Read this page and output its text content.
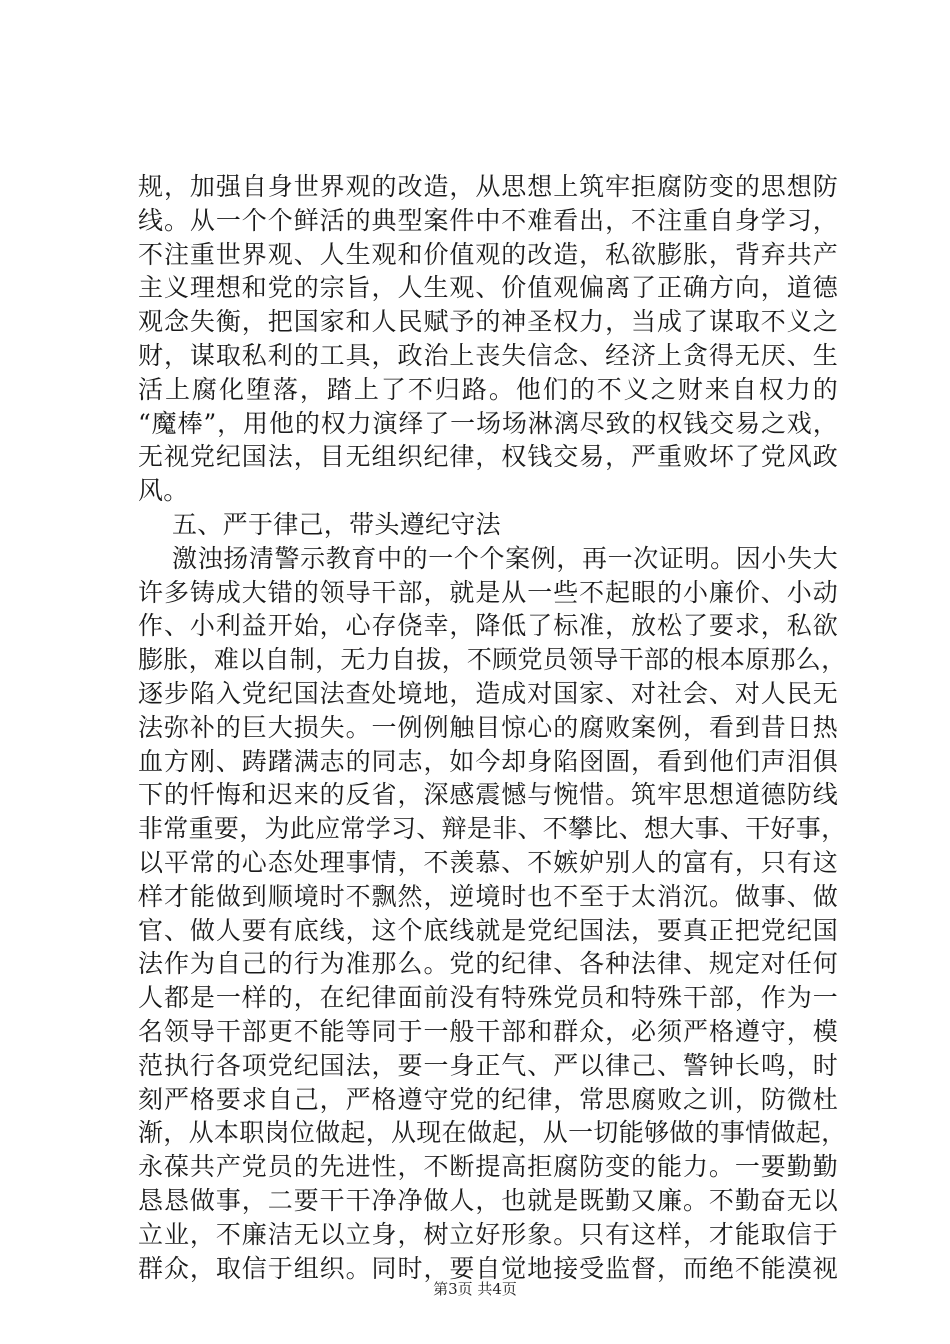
规，加强自身世界观的改造，从思想上筑牢拒腐防变的思想防
线。从一个个鲜活的典型案件中不难看出，不注重自身学习，
不注重世界观、人生观和价值观的改造，私欲膨胀，背弃共产
主义理想和党的宗旨，人生观、价值观偏离了正确方向，道德
观念失衡，把国家和人民赋予的神圣权力，当成了谋取不义之
财，谋取私利的工具，政治上丧失信念、经济上贪得无厌、生
活上腐化堕落，踏上了不归路。他们的不义之财来自权力的
“魔棒”，用他的权力演绎了一场场淋漓尽致的权钱交易之戏，
无视党纪国法，目无组织纪律，权钱交易，严重败坏了党风政
风。
五、严于律己，带头遵纪守法
激浊扬清警示教育中的一个个案例，再一次证明。因小失大
许多铸成大错的领导干部，就是从一些不起眼的小廉价、小动
作、小利益开始，心存侥幸，降低了标准，放松了要求，私欲
膨胀，难以自制，无力自拔，不顾党员领导干部的根本原那么，
逐步陷入党纪国法查处境地，造成对国家、对社会、对人民无
法弥补的巨大损失。一例例触目惊心的腐败案例，看到昔日热
血方刚、踌躇满志的同志，如今却身陷囹圄，看到他们声泪俱
下的忏悔和迟来的反省，深感震憾与惋惜。筑牢思想道德防线
非常重要，为此应常学习、辩是非、不攀比、想大事、干好事，
以平常的心态处理事情，不羡慕、不嫉妒别人的富有，只有这
样才能做到顺境时不飘然，逆境时也不至于太消沉。做事、做
官、做人要有底线，这个底线就是党纪国法，要真正把党纪国
法作为自己的行为准那么。党的纪律、各种法律、规定对任何
人都是一样的，在纪律面前没有特殊党员和特殊干部，作为一
名领导干部更不能等同于一般干部和群众，必须严格遵守，模
范执行各项党纪国法，要一身正气、严以律己、警钟长鸣，时
刻严格要求自己，严格遵守党的纪律，常思腐败之训，防微杜
渐，从本职岗位做起，从现在做起，从一切能够做的事情做起，
永葆共产党员的先进性，不断提高拒腐防变的能力。一要勤勤
恳恳做事，二要干干净净做人，也就是既勤又廉。不勤奋无以
立业，不廉洁无以立身，树立好形象。只有这样，才能取信于
群众，取信于组织。同时，要自觉地接受监督，而绝不能漠视
第3页 共4页
